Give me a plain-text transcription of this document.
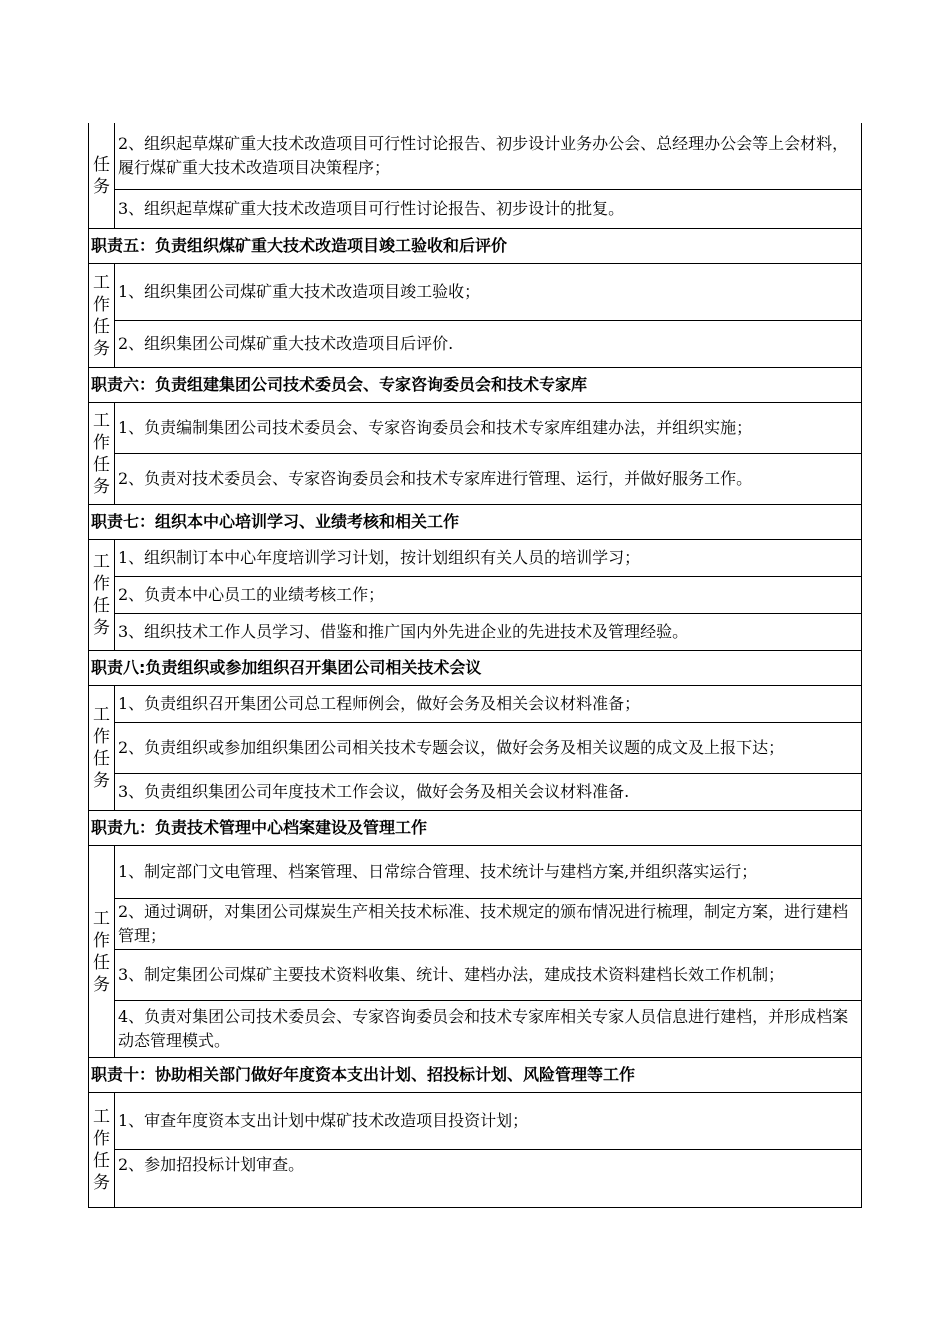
任
务	2、组织起草煤矿重大技术改造项目可行性讨论报告、初步设计业务办公会、总经理办公会等上会材料，履行煤矿重大技术改造项目决策程序；
	3、组织起草煤矿重大技术改造项目可行性讨论报告、初步设计的批复。
职责五：负责组织煤矿重大技术改造项目竣工验收和后评价	

工
作
任
务	1、组织集团公司煤矿重大技术改造项目竣工验收；
	2、组织集团公司煤矿重大技术改造项目后评价.
职责六：负责组建集团公司技术委员会、专家咨询委员会和技术专家库	

工
作
任
务	1、负责编制集团公司技术委员会、专家咨询委员会和技术专家库组建办法，并组织实施；
	2、负责对技术委员会、专家咨询委员会和技术专家库进行管理、运行，并做好服务工作。
职责七：组织本中心培训学习、业绩考核和相关工作	

工
作
任
务	1、组织制订本中心年度培训学习计划，按计划组织有关人员的培训学习；
	2、负责本中心员工的业绩考核工作；
	3、组织技术工作人员学习、借鉴和推广国内外先进企业的先进技术及管理经验。
职责八:负责组织或参加组织召开集团公司相关技术会议	

工
作
任
务	1、负责组织召开集团公司总工程师例会，做好会务及相关会议材料准备；
	2、负责组织或参加组织集团公司相关技术专题会议，做好会务及相关议题的成文及上报下达；
	3、负责组织集团公司年度技术工作会议，做好会务及相关会议材料准备.
职责九：负责技术管理中心档案建设及管理工作	

工
作
任
务	1、制定部门文电管理、档案管理、日常综合管理、技术统计与建档方案,并组织落实运行；
	2、通过调研，对集团公司煤炭生产相关技术标准、技术规定的颁布情况进行梳理，制定方案，进行建档管理；
	3、制定集团公司煤矿主要技术资料收集、统计、建档办法，建成技术资料建档长效工作机制；
	4、负责对集团公司技术委员会、专家咨询委员会和技术专家库相关专家人员信息进行建档，并形成档案动态管理模式。
职责十：协助相关部门做好年度资本支出计划、招投标计划、风险管理等工作	

工
作
任
务	1、审查年度资本支出计划中煤矿技术改造项目投资计划；
	2、参加招投标计划审查。
